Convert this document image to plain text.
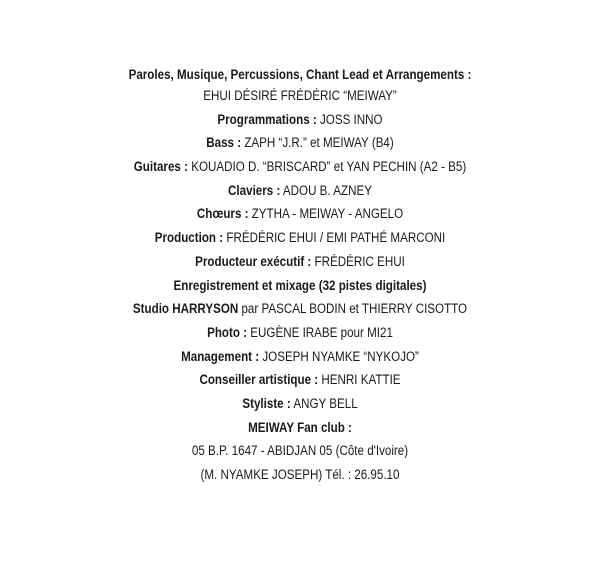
Paroles, Musique, Percussions, Chant Lead et Arrangements :
EHUI DÉSIRÉ FRÉDÉRIC “MEIWAY”
Programmations : JOSS INNO
Bass : ZAPH “J.R.” et MEIWAY (B4)
Guitares : KOUADIO D. “BRISCARD” et YAN PECHIN (A2 - B5)
Claviers : ADOU B. AZNEY
Chœurs : ZYTHA - MEIWAY - ANGELO
Production : FRÉDÉRIC EHUI / EMI PATHÉ MARCONI
Producteur exécutif : FRÉDÉRIC EHUI
Enregistrement et mixage (32 pistes digitales)
Studio HARRYSON par PASCAL BODIN et THIERRY CISOTTO
Photo : EUGÈNE IRABE pour MI21
Management : JOSEPH NYAMKE “NYKOJO”
Conseiller artistique : HENRI KATTIE
Styliste : ANGY BELL
MEIWAY Fan club :
05 B.P. 1647 - ABIDJAN 05 (Côte d'Ivoire)
(M. NYAMKE JOSEPH) Tél. : 26.95.10
